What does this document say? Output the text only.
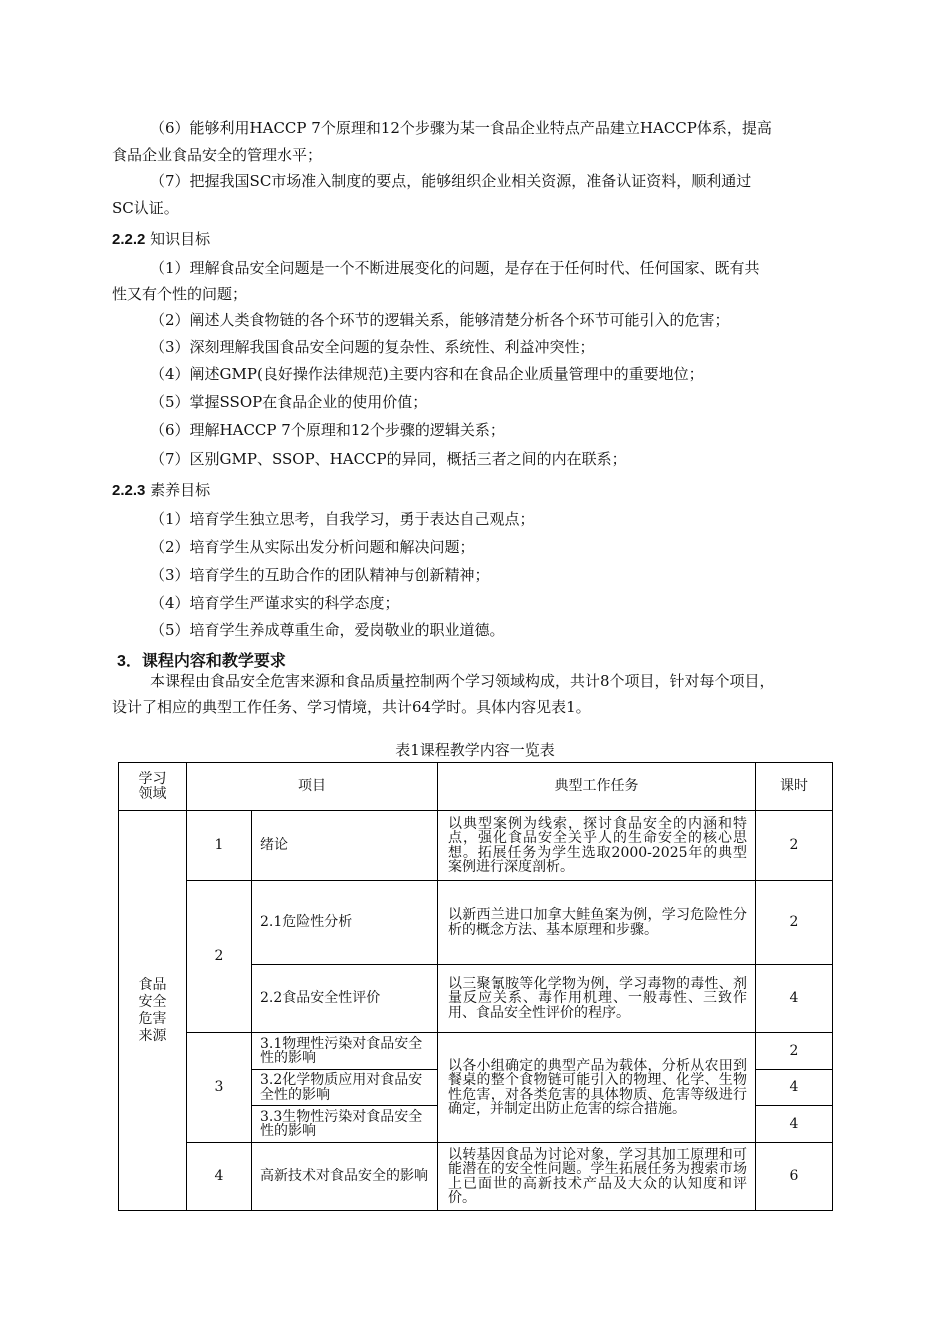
（6）能够利用HACCP 7个原理和12个步骤为某一食品企业特点产品建立HACCP体系，提高
食品企业食品安全的管理水平；
（7）把握我国SC市场准入制度的要点，能够组织企业相关资源，准备认证资料，顺利通过
SC认证。
2.2.2 知识目标
（1）理解食品安全问题是一个不断进展变化的问题，是存在于任何时代、任何国家、既有共
性又有个性的问题；
（2）阐述人类食物链的各个环节的逻辑关系，能够清楚分析各个环节可能引入的危害；
（3）深刻理解我国食品安全问题的复杂性、系统性、利益冲突性；
（4）阐述GMP(良好操作法律规范)主要内容和在食品企业质量管理中的重要地位；
（5）掌握SSOP在食品企业的使用价值；
（6）理解HACCP 7个原理和12个步骤的逻辑关系；
（7）区别GMP、SSOP、HACCP的异同，概括三者之间的内在联系；
2.2.3 素养目标
（1）培育学生独立思考，自我学习，勇于表达自己观点；
（2）培育学生从实际出发分析问题和解决问题；
（3）培育学生的互助合作的团队精神与创新精神；
（4）培育学生严谨求实的科学态度；
（5）培育学生养成尊重生命，爱岗敬业的职业道德。
3．课程内容和教学要求
本课程由食品安全危害来源和食品质量控制两个学习领域构成，共计8个项目，针对每个项目，
设计了相应的典型工作任务、学习情境，共计64学时。具体内容见表1。
表1课程教学内容一览表
学习领域	项目		典型工作任务	课时
食品安全危害来源	1	绪论	以典型案例为线索，探讨食品安全的内涵和特点，强化食品安全关乎人的生命安全的核心思想。拓展任务为学生选取2000-2025年的典型案例进行深度剖析。	2
	2	2.1危险性分析	以新西兰进口加拿大鲑鱼案为例，学习危险性分析的概念方法、基本原理和步骤。	2
		2.2食品安全性评价	以三聚氰胺等化学物为例，学习毒物的毒性、剂量反应关系、毒作用机理、一般毒性、三致作用、食品安全性评价的程序。	4
	3	3.1物理性污染对食品安全性的影响	以各小组确定的典型产品为载体，分析从农田到餐桌的整个食物链可能引入的物理、化学、生物性危害，对各类危害的具体物质、危害等级进行确定，并制定出防止危害的综合措施。	2
		3.2化学物质应用对食品安全性的影响		4
		3.3生物性污染对食品安全性的影响		4
	4	高新技术对食品安全的影响	以转基因食品为讨论对象，学习其加工原理和可能潜在的安全性问题。学生拓展任务为搜索市场上已面世的高新技术产品及大众的认知度和评价。	6
